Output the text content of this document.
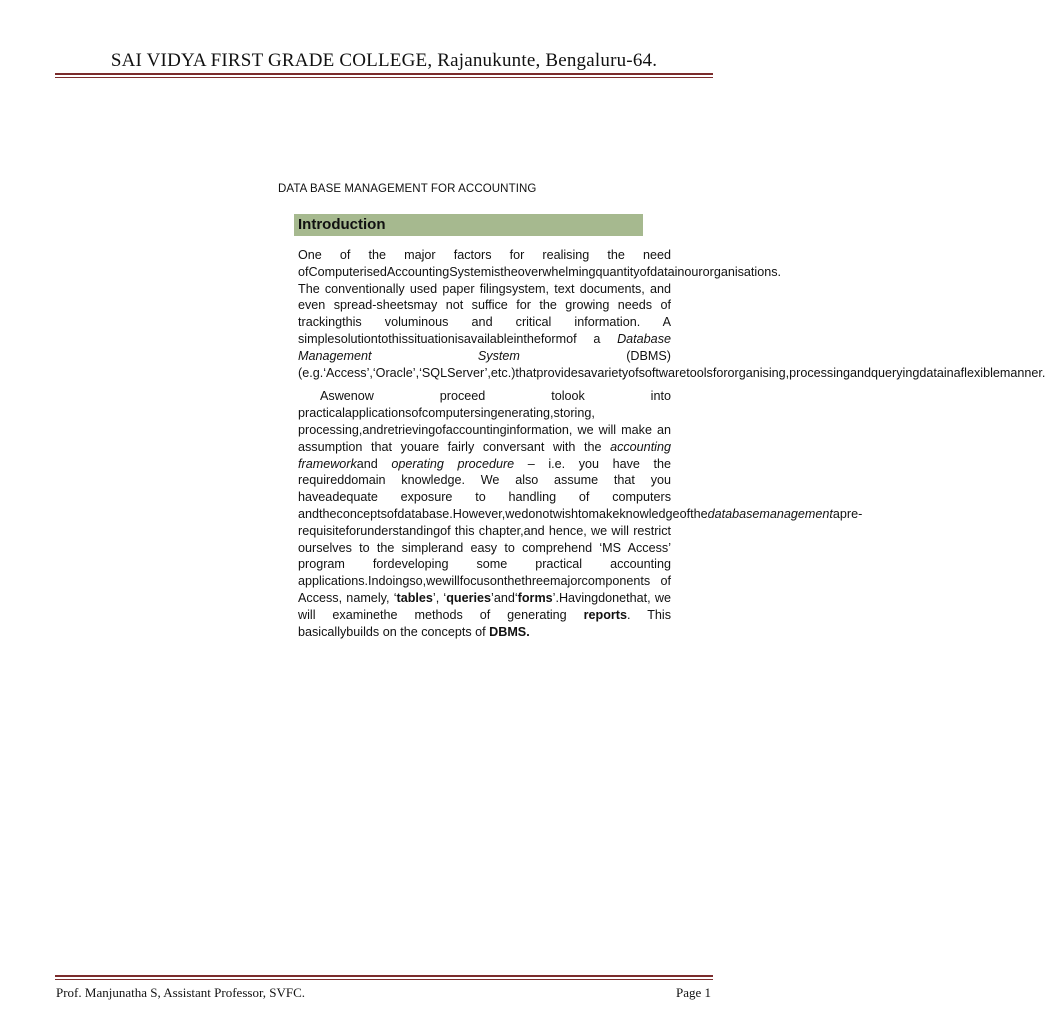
SAI VIDYA FIRST GRADE COLLEGE, Rajanukunte, Bengaluru-64.
DATA BASE MANAGEMENT FOR ACCOUNTING
Introduction

One of the major factors for realising the need ofComputerisedAccountingSystemistheoverwhelmingquantityofdatainourorganisations. The conventionally used paper filingsystem, text documents, and even spread-sheetsmay not suffice for the growing needs of trackingthis voluminous and critical information. A simplesolutiontothissituationisavailableintheformof a Database Management System (DBMS) (e.g.‘Access’,‘Oracle’,‘SQLServer’,etc.)thatprovidesavarietyofsoftwaretoolsfororganising,processingandqueryingdatainaflexiblemanner.

Aswenow proceed tolook into practicalapplicationsofcomputersingenerating,storing, processing,andretrievingofaccountinginformation, we will make an assumption that youare fairly conversant with the accounting frameworkand operating procedure – i.e. you have the requireddomain knowledge. We also assume that you haveadequate exposure to handling of computers andtheconceptsofdatabase.However,wedonotwishtomakeknowledgeofthedatabasemanagementapre-requisiteforunderstandingof this chapter,and hence, we will restrict ourselves to the simplerand easy to comprehend ‘MS Access’ program fordeveloping some practical accounting applications.Indoingso,wewillfocusonthethreemajorcomponents of Access, namely, ‘tables’, ‘queries’and‘forms’.Havingdonethat, we will examinethe methods of generating reports. This basicallybuilds on the concepts of DBMS.

Prof. Manjunatha S, Assistant Professor, SVFC.	Page 1
